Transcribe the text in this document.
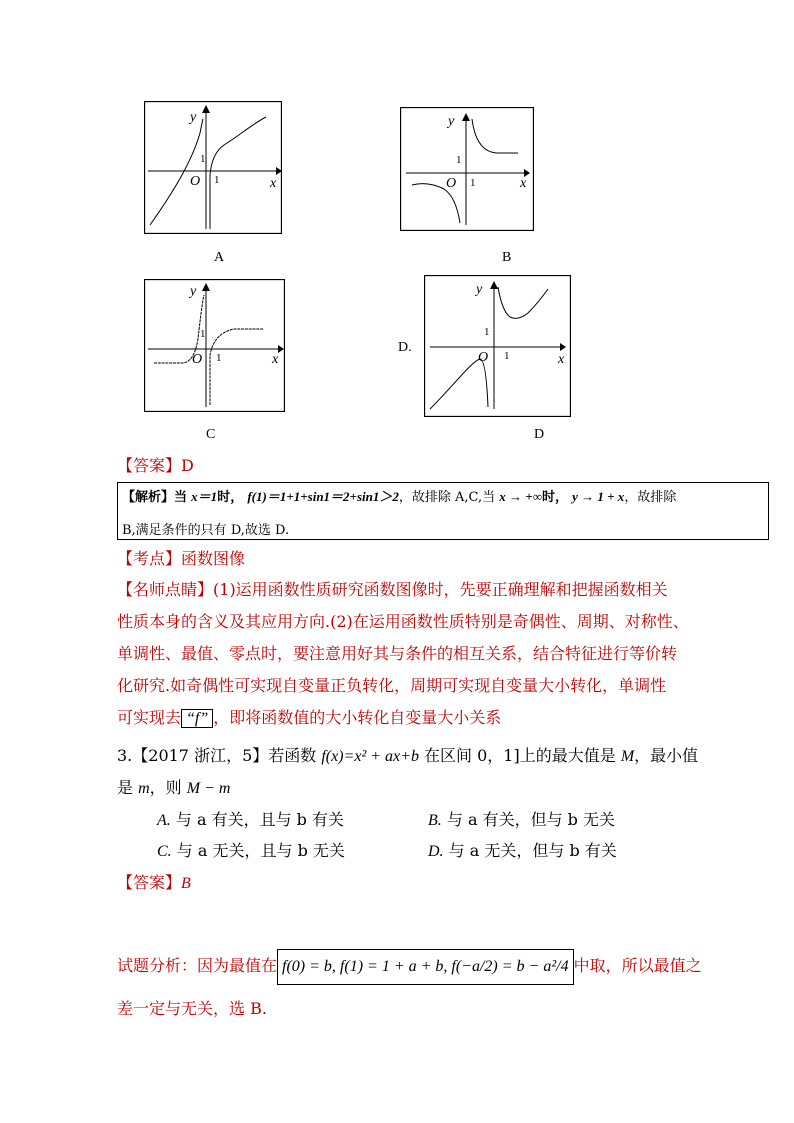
y
x
O 1
1
A
y
x
O 1
1
B
y
x
O 1
1
C
D.
y
x
O 1
1
D
【答案】D
【解析】当 x＝1时， f(1)＝1+1+sin1＝2+sin1＞2，故排除 A,C,当 x → +∞时， y → 1 + x，故排除
B,满足条件的只有 D,故选 D.
【考点】函数图像
【名师点睛】(1)运用函数性质研究函数图像时，先要正确理解和把握函数相关
性质本身的含义及其应用方向.(2)在运用函数性质特别是奇偶性、周期、对称性、
单调性、最值、零点时，要注意用好其与条件的相互关系，结合特征进行等价转
化研究.如奇偶性可实现自变量正负转化，周期可实现自变量大小转化，单调性
可实现去 “f” ，即将函数值的大小转化自变量大小关系
3.【2017 浙江，5】若函数 f(x)=x² + ax+b 在区间 0，1]上的最大值是 M，最小值
是 m，则 M − m
A. 与 a 有关，且与 b 有关	B. 与 a 有关，但与 b 无关
C. 与 a 无关，且与 b 无关	D. 与 a 无关，但与 b 有关
【答案】B
试题分析：因为最值在 f(0) = b, f(1) = 1 + a + b, f(−a/2) = b − a²/4 中取，所以最值之
差一定与无关，选 B.
